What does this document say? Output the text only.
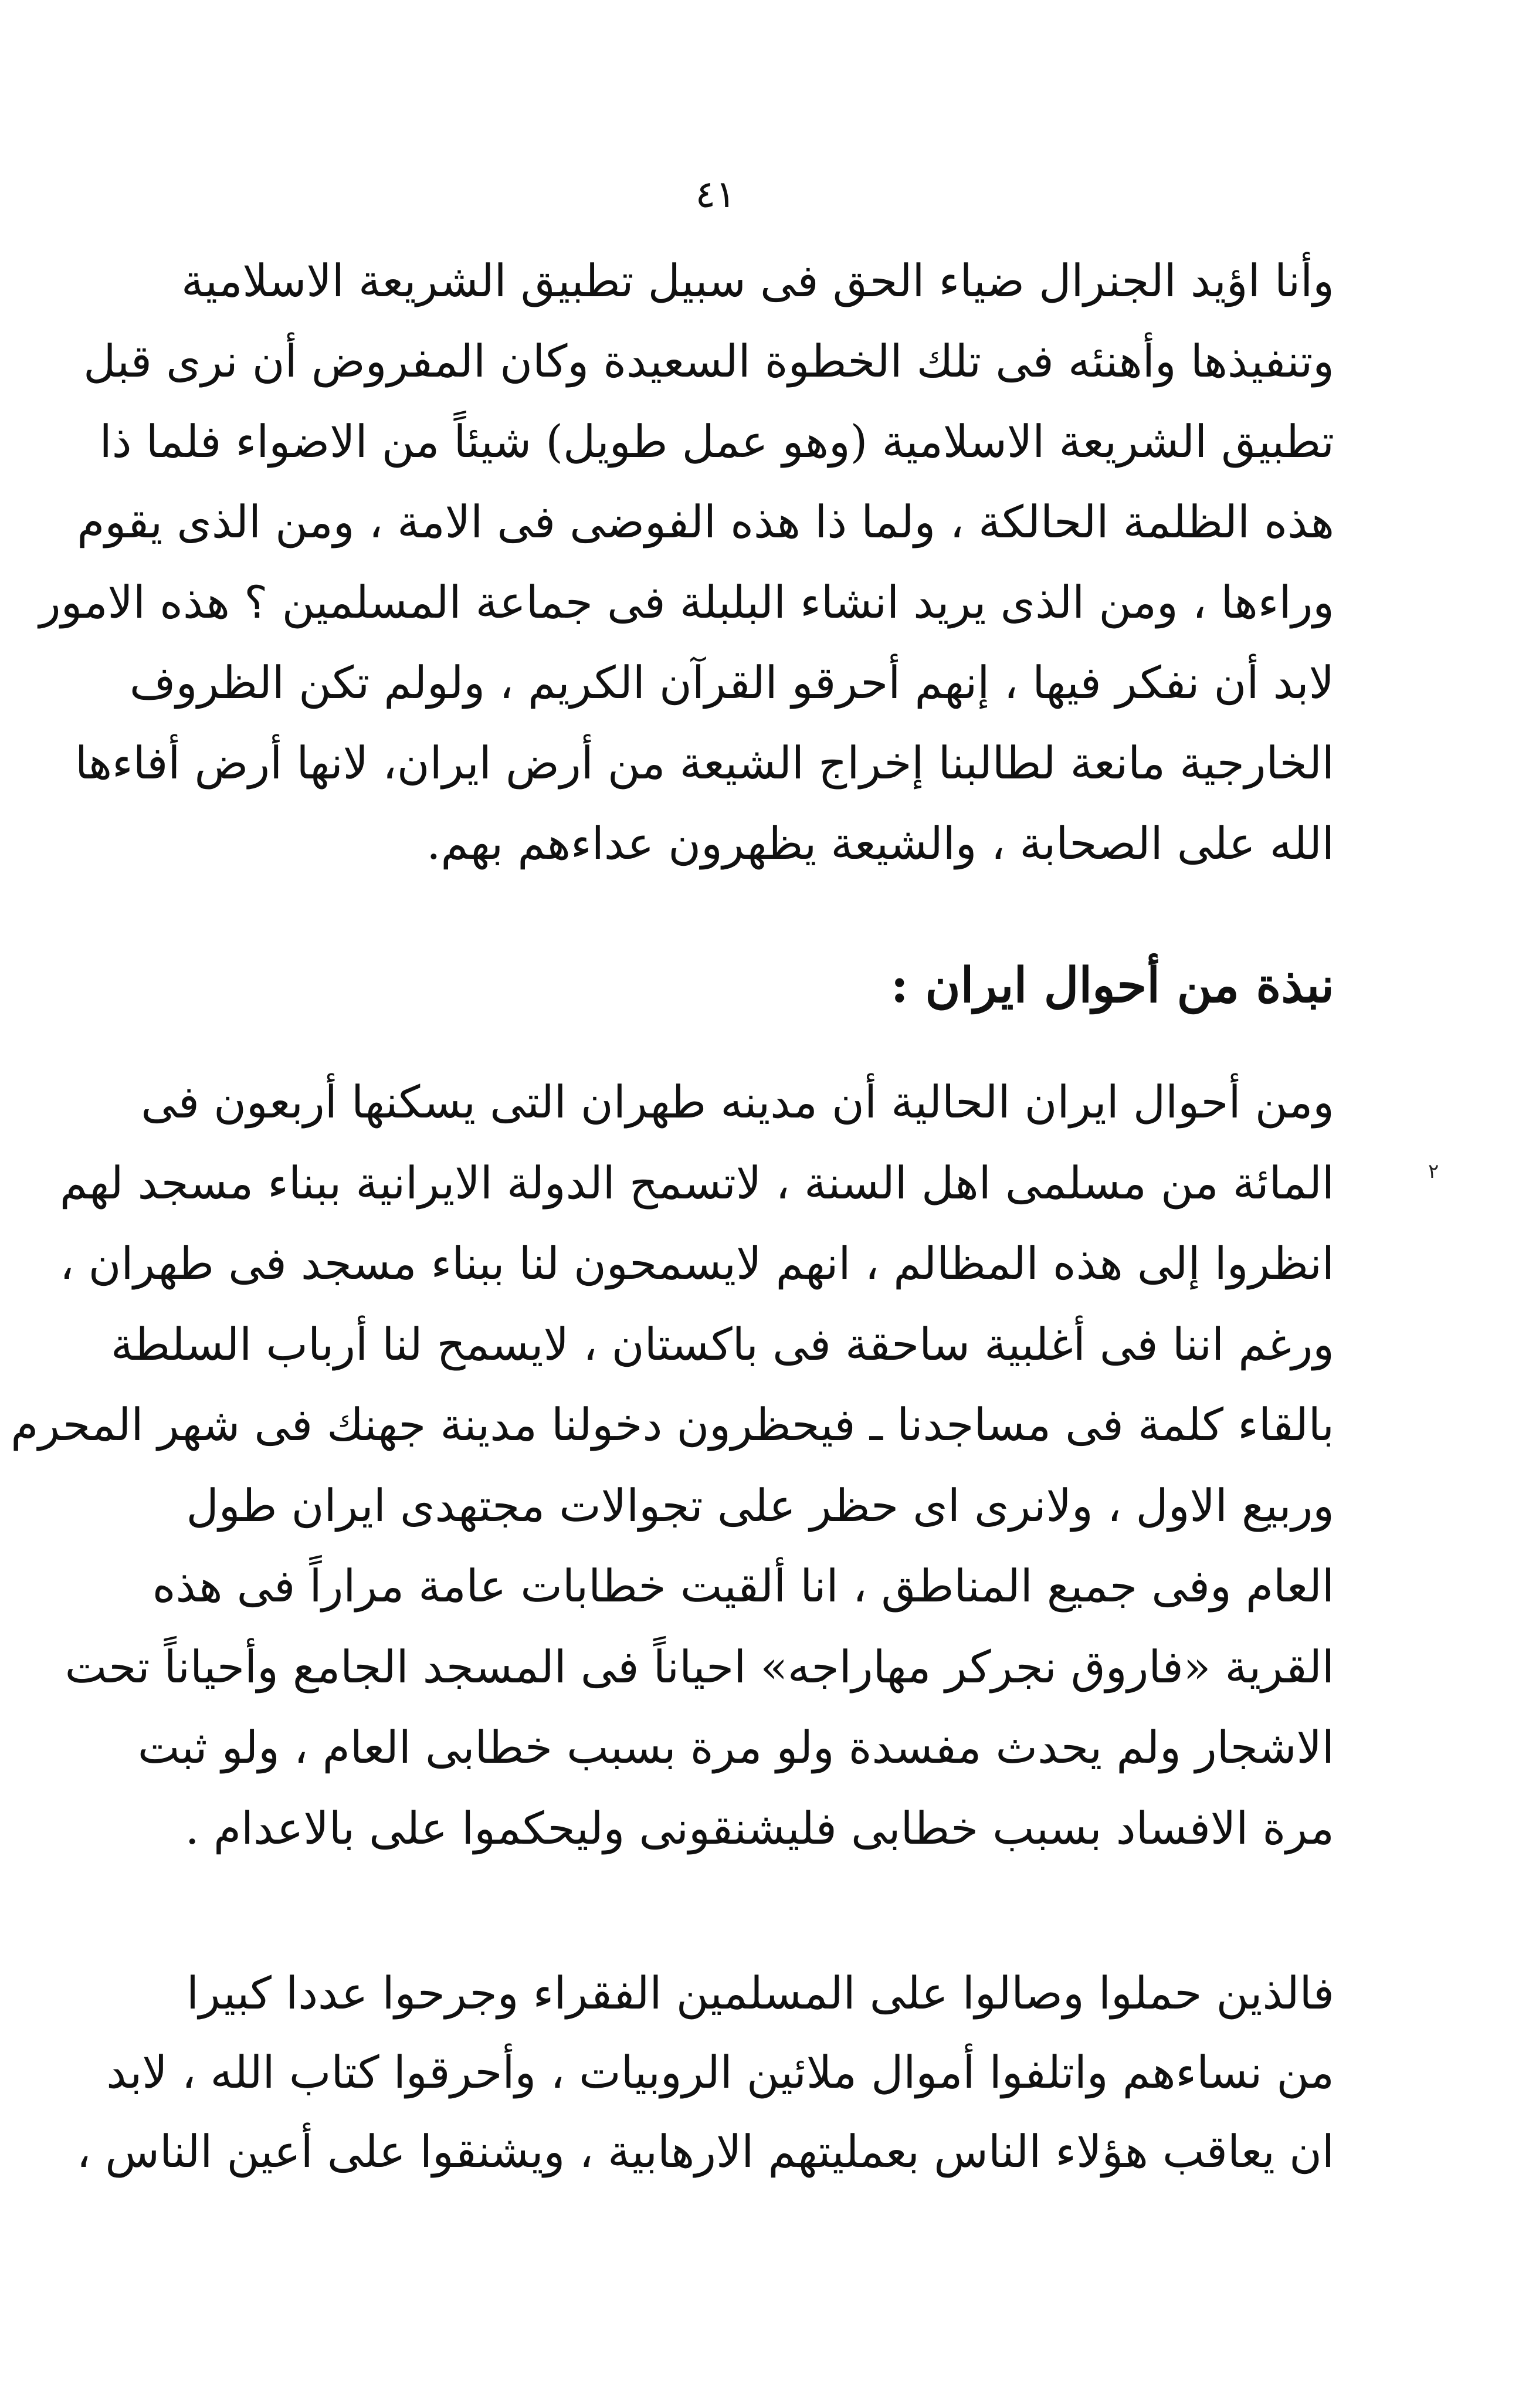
٤١
وأنا اؤيد الجنرال ضياء الحق فى سبيل تطبيق الشريعة الاسلامية
وتنفيذها وأهنئه فى تلك الخطوة السعيدة وكان المفروض أن نرى قبل
تطبيق الشريعة الاسلامية (وهو عمل طويل) شيئاً من الاضواء فلما ذا
هذه الظلمة الحالكة ، ولما ذا هذه الفوضى فى الامة ، ومن الذى يقوم
وراءها ، ومن الذى يريد انشاء البلبلة فى جماعة المسلمين ؟ هذه الامور
لابد أن نفكر فيها ، إنهم أحرقو القرآن الكريم ، ولولم تكن الظروف
الخارجية مانعة لطالبنا إخراج الشيعة من أرض ايران، لانها أرض أفاءها
الله على الصحابة ، والشيعة يظهرون عداءهم بهم.
نبذة من أحوال ايران :
ومن أحوال ايران الحالية أن مدينه طهران التى يسكنها أربعون فى
المائة من مسلمى اهل السنة ، لاتسمح الدولة الايرانية ببناء مسجد لهم
انظروا إلى هذه المظالم ، انهم لايسمحون لنا ببناء مسجد فى طهران ،
ورغم اننا فى أغلبية ساحقة فى باكستان ، لايسمح لنا أرباب السلطة
بالقاء كلمة فى مساجدنا ـ فيحظرون دخولنا مدينة جهنك فى شهر المحرم
وربيع الاول ، ولانرى اى حظر على تجوالات مجتهدى ايران طول
العام وفى جميع المناطق ، انا ألقيت خطابات عامة مراراً فى هذه
القرية «فاروق نجركر مهاراجه» احياناً فى المسجد الجامع وأحياناً تحت
الاشجار ولم يحدث مفسدة ولو مرة بسبب خطابى العام ، ولو ثبت
مرة الافساد بسبب خطابى فليشنقونى وليحكموا على بالاعدام .
٢
فالذين حملوا وصالوا على المسلمين الفقراء وجرحوا عددا كبيرا
من نساءهم واتلفوا أموال ملائين الروبيات ، وأحرقوا كتاب الله ، لابد
ان يعاقب هؤلاء الناس بعمليتهم الارهابية ، ويشنقوا على أعين الناس ،
